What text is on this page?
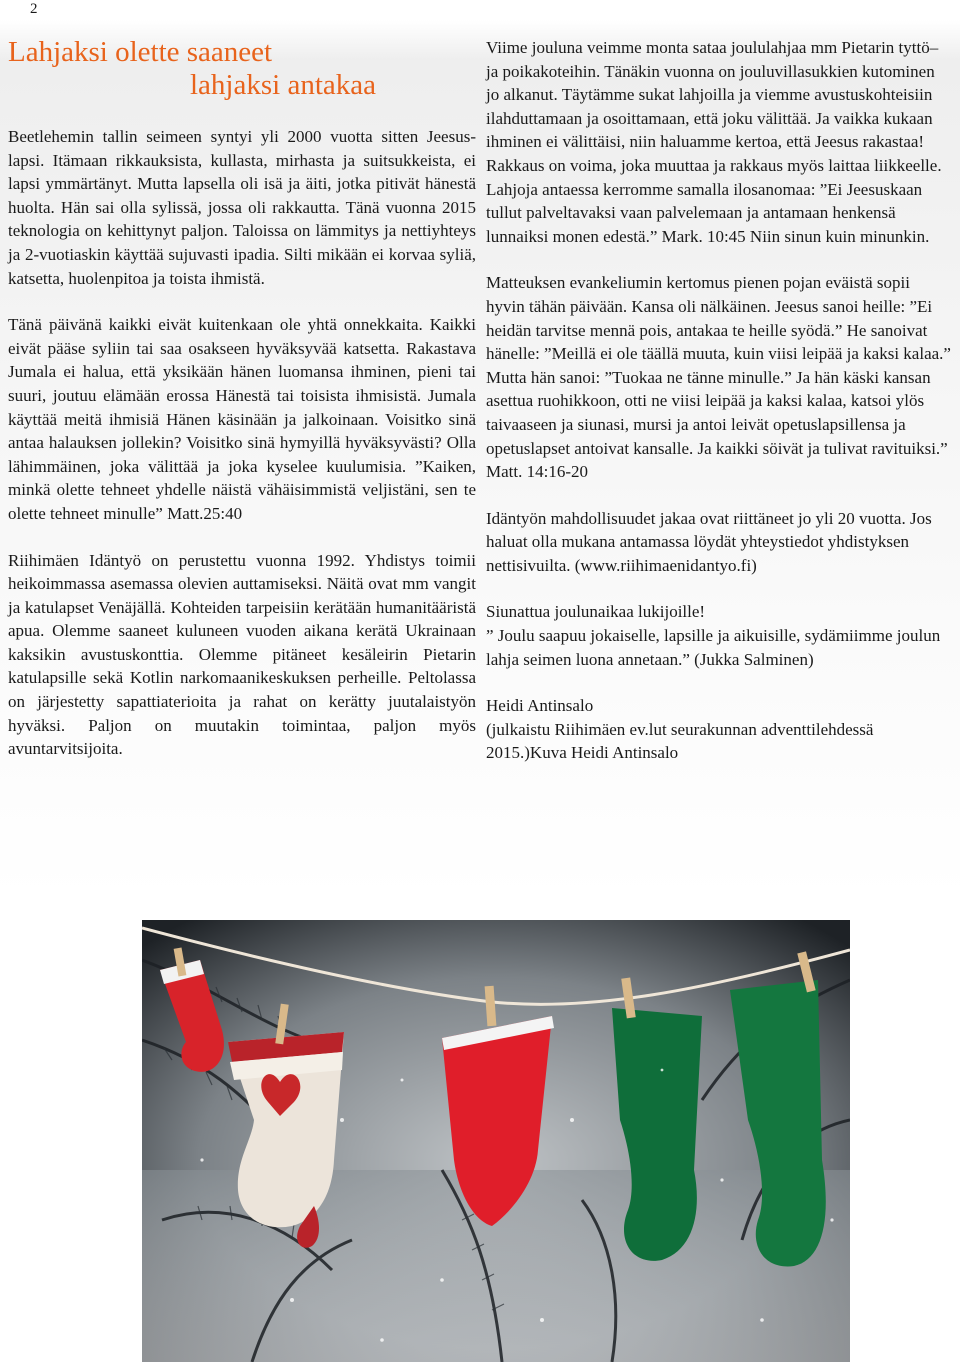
2
Lahjaksi olette saaneet
lahjaksi antakaa

Beetlehemin tallin seimeen syntyi yli 2000 vuotta sitten Jeesus-lapsi. Itämaan rikkauksista, kullasta, mirhasta ja suitsukkeista, ei lapsi ymmärtänyt. Mutta lapsella oli isä ja äiti, jotka pitivät hänestä huolta. Hän sai olla sylissä, jossa oli rakkautta. Tänä vuonna 2015 teknologia on kehittynyt paljon. Taloissa on lämmitys ja nettiyhteys ja 2-vuotiaskin käyttää sujuvasti ipadia. Silti mikään ei korvaa syliä, katsetta, huolenpitoa ja toista ihmistä.

Tänä päivänä kaikki eivät kuitenkaan ole yhtä onnekkaita. Kaikki eivät pääse syliin tai saa osakseen hyväksyvää katsetta. Rakastava Jumala ei halua, että yksikään hänen luomansa ihminen, pieni tai suuri, joutuu elämään erossa Hänestä tai toisista ihmisistä. Jumala käyttää meitä ihmisiä Hänen käsinään ja jalkoinaan. Voisitko sinä antaa halauksen jollekin? Voisitko sinä hymyillä hyväksyvästi? Olla lähimmäinen, joka välittää ja joka kyselee kuulumisia. ”Kaiken, minkä olette tehneet yhdelle näistä vähäisimmistä veljistäni, sen te olette tehneet minulle” Matt.25:40

Riihimäen Idäntyö on perustettu vuonna 1992. Yhdistys toimii heikoimmassa asemassa olevien auttamiseksi. Näitä ovat mm vangit ja katulapset Venäjällä. Kohteiden tarpeisiin kerätään humanitääristä apua. Olemme saaneet kuluneen vuoden aikana kerätä Ukrainaan kaksikin avustuskonttia. Olemme pitäneet kesäleirin Pietarin katulapsille sekä Kotlin narkomaanikeskuksen perheille. Peltolassa on järjestetty sapattiaterioita ja rahat on kerätty juutalaistyön hyväksi. Paljon on muutakin toimintaa, paljon myös avuntarvitsijoita.

Viime jouluna veimme monta sataa joululahjaa mm Pietarin tyttö– ja poikakoteihin. Tänäkin vuonna on jouluvillasukkien kutominen jo alkanut. Täytämme sukat lahjoilla ja viemme avustuskohteisiin ilahduttamaan ja osoittamaan, että joku välittää. Ja vaikka kukaan ihminen ei välittäisi, niin haluamme kertoa, että Jeesus rakastaa! Rakkaus on voima, joka muuttaa ja rakkaus myös laittaa liikkeelle. Lahjoja antaessa kerromme samalla ilosanomaa: ”Ei Jeesuskaan tullut palveltavaksi vaan palvelemaan ja antamaan henkensä lunnaiksi monen edestä.” Mark. 10:45 Niin sinun kuin minunkin.

Matteuksen evankeliumin kertomus pienen pojan eväistä sopii hyvin tähän päivään. Kansa oli nälkäinen. Jeesus sanoi heille: ”Ei heidän tarvitse mennä pois, antakaa te heille syödä.” He sanoivat hänelle: ”Meillä ei ole täällä muuta, kuin viisi leipää ja kaksi kalaa.” Mutta hän sanoi: ”Tuokaa ne tänne minulle.” Ja hän käski kansan asettua ruohikkoon, otti ne viisi leipää ja kaksi kalaa, katsoi ylös taivaaseen ja siunasi, mursi ja antoi leivät opetuslapsillensa ja opetuslapset antoivat kansalle. Ja kaikki söivät ja tulivat ravituiksi.” Matt. 14:16-20

Idäntyön mahdollisuudet jakaa ovat riittäneet jo yli 20 vuotta. Jos haluat olla mukana antamassa löydät yhteystiedot yhdistyksen nettisivuilta. (www.riihimaenidantyo.fi)

Siunattua joulunaikaa lukijoille!
” Joulu saapuu jokaiselle, lapsille ja aikuisille, sydämiimme joulun lahja seimen luona annetaan.” (Jukka Salminen)

Heidi Antinsalo
(julkaistu Riihimäen ev.lut seurakunnan adventtilehdessä 2015.)Kuva Heidi Antinsalo
